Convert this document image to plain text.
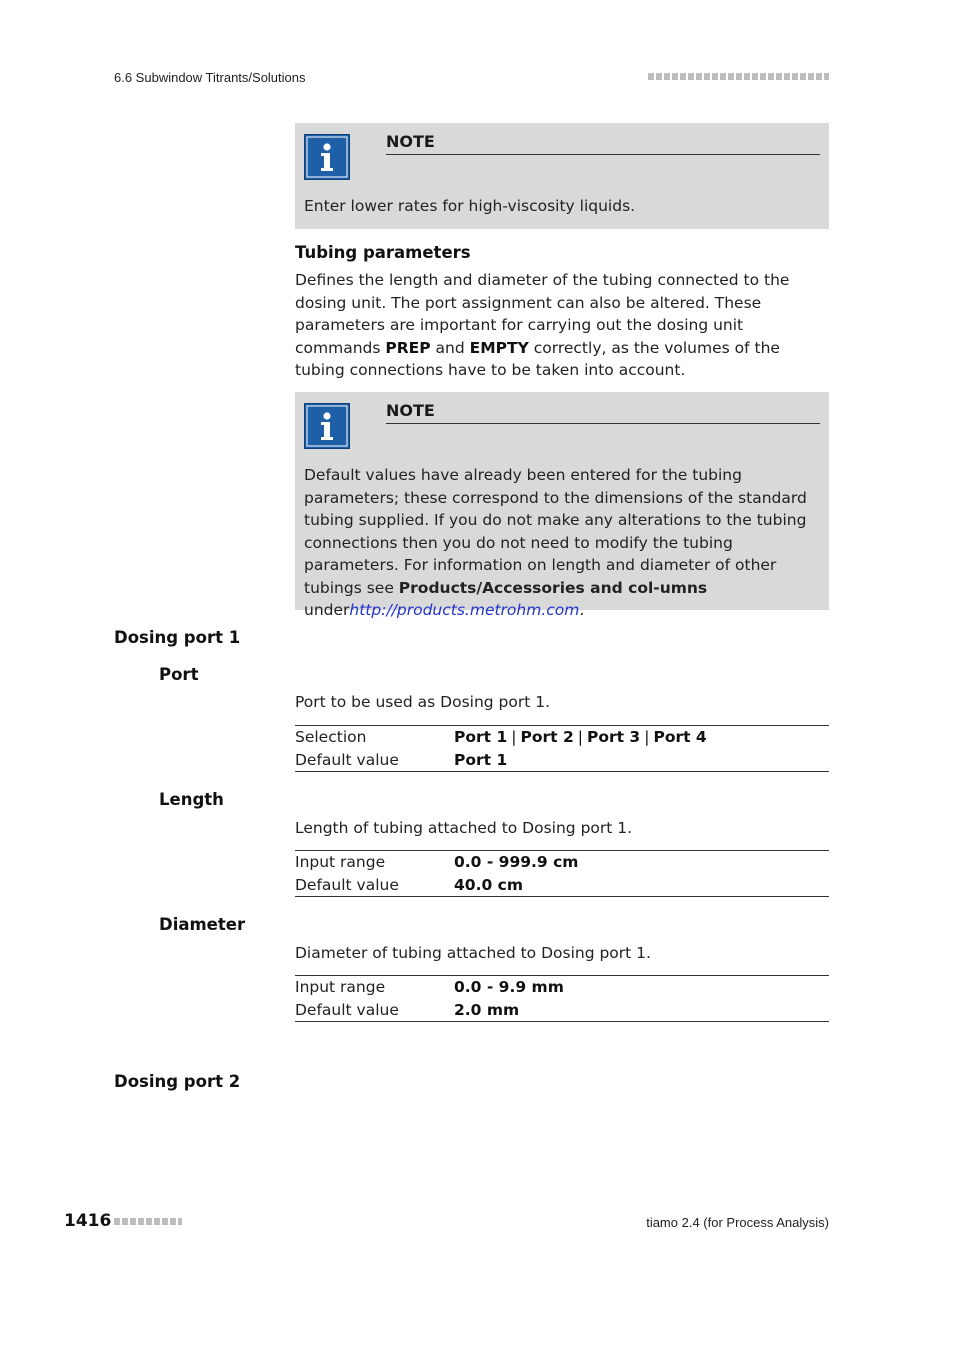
6.6 Subwindow Titrants/Solutions
NOTE
Enter lower rates for high-viscosity liquids.
Tubing parameters
Defines the length and diameter of the tubing connected to the dosing unit. The port assignment can also be altered. These parameters are important for carrying out the dosing unit commands PREP and EMPTY correctly, as the volumes of the tubing connections have to be taken into account.
NOTE
Default values have already been entered for the tubing parameters; these correspond to the dimensions of the standard tubing supplied. If you do not make any alterations to the tubing connections then you do not need to modify the tubing parameters. For information on length and diameter of other tubings see Products/Accessories and col-umns underhttp://products.metrohm.com.
Dosing port 1
Port
Port to be used as Dosing port 1.
Selection	Port 1 | Port 2 | Port 3 | Port 4
Default value	Port 1
Length
Length of tubing attached to Dosing port 1.
Input range	0.0 - 999.9 cm
Default value	40.0 cm
Diameter
Diameter of tubing attached to Dosing port 1.
Input range	0.0 - 9.9 mm
Default value	2.0 mm
Dosing port 2
1416	tiamo 2.4 (for Process Analysis)
